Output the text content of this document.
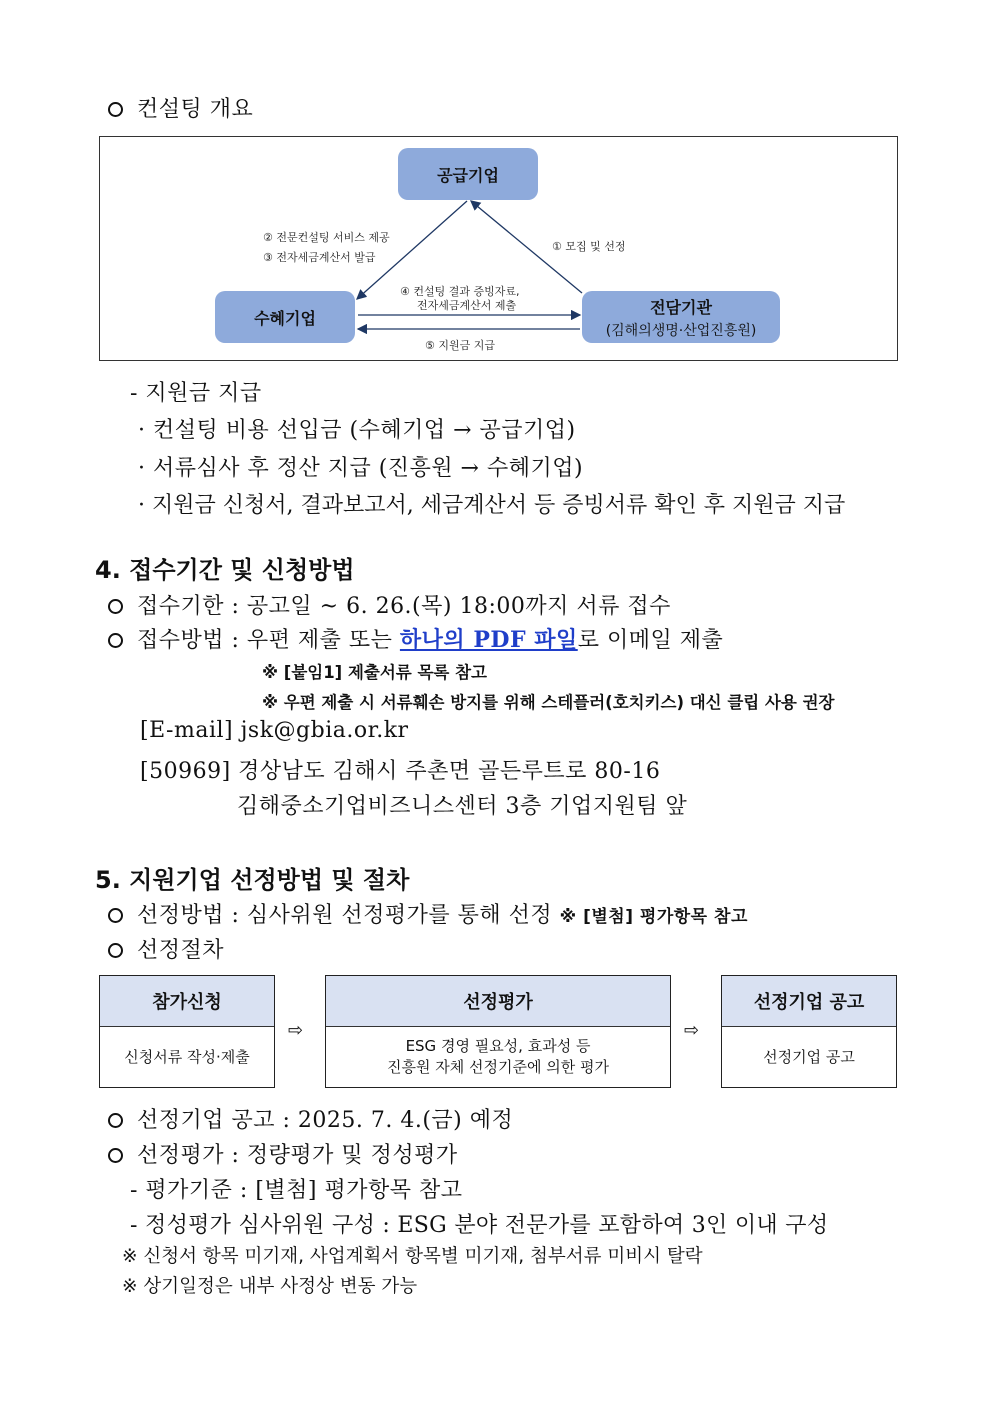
컨설팅 개요
공급기업
수혜기업
전담기관
(김해의생명·산업진흥원)
② 전문컨설팅 서비스 제공
③ 전자세금계산서 발급
① 모집 및 선정
④ 컨설팅 결과 증빙자료,
전자세금계산서 제출
⑤ 지원금 지급
- 지원금 지급
· 컨설팅 비용 선입금 (수혜기업 → 공급기업)
· 서류심사 후 정산 지급 (진흥원 → 수혜기업)
· 지원금 신청서, 결과보고서, 세금계산서 등 증빙서류 확인 후 지원금 지급
4. 접수기간 및 신청방법
접수기한 : 공고일 ~ 6. 26.(목) 18:00까지 서류 접수
접수방법 : 우편 제출 또는 하나의 PDF 파일로 이메일 제출
※ [붙임1] 제출서류 목록 참고
※ 우편 제출 시 서류훼손 방지를 위해 스테플러(호치키스) 대신 클립 사용 권장
[E-mail] jsk@gbia.or.kr
[50969] 경상남도 김해시 주촌면 골든루트로 80-16
김해중소기업비즈니스센터 3층 기업지원팀 앞
5. 지원기업 선정방법 및 절차
선정방법 : 심사위원 선정평가를 통해 선정 ※ [별첨] 평가항목 참고
선정절차
참가신청
신청서류 작성·제출
⇨
선정평가
ESG 경영 필요성, 효과성 등
진흥원 자체 선정기준에 의한 평가
⇨
선정기업 공고
선정기업 공고
선정기업 공고 : 2025. 7. 4.(금) 예정
선정평가 : 정량평가 및 정성평가
- 평가기준 : [별첨] 평가항목 참고
- 정성평가 심사위원 구성 : ESG 분야 전문가를 포함하여 3인 이내 구성
※ 신청서 항목 미기재, 사업계획서 항목별 미기재, 첨부서류 미비시 탈락
※ 상기일정은 내부 사정상 변동 가능
